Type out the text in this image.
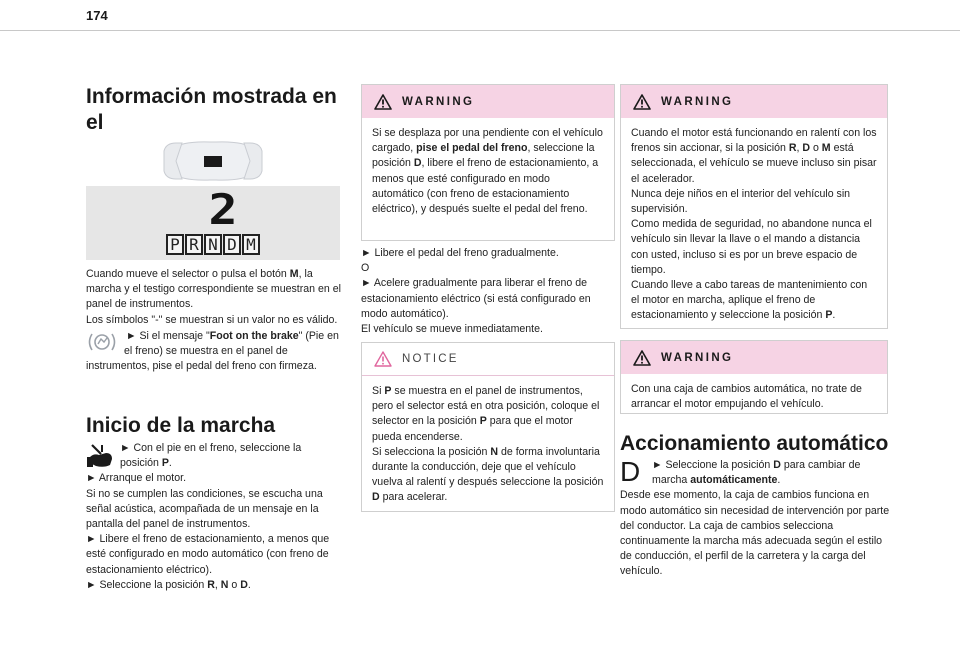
174
Información mostrada en el
2
P R N D M
Cuando mueve el selector o pulsa el botón M, la marcha y el testigo correspondiente se muestran en el panel de instrumentos.
Los símbolos "-" se muestran si un valor no es válido.
► Si el mensaje "Foot on the brake" (Pie en el freno) se muestra en el panel de instrumentos, pise el pedal del freno con firmeza.
Inicio de la marcha
► Con el pie en el freno, seleccione la posición P.
► Arranque el motor.
Si no se cumplen las condiciones, se escucha una señal acústica, acompañada de un mensaje en la pantalla del panel de instrumentos.
► Libere el freno de estacionamiento, a menos que esté configurado en modo automático (con freno de estacionamiento eléctrico).
► Seleccione la posición R, N o D.
WARNING
Si se desplaza por una pendiente con el vehículo cargado, pise el pedal del freno, seleccione la posición D, libere el freno de estacionamiento, a menos que esté configurado en modo automático (con freno de estacionamiento eléctrico), y después suelte el pedal del freno.
► Libere el pedal del freno gradualmente.
O
► Acelere gradualmente para liberar el freno de estacionamiento eléctrico (si está configurado en modo automático).
El vehículo se mueve inmediatamente.
NOTICE
Si P se muestra en el panel de instrumentos, pero el selector está en otra posición, coloque el selector en la posición P para que el motor pueda encenderse.
Si selecciona la posición N de forma involuntaria durante la conducción, deje que el vehículo vuelva al ralentí y después seleccione la posición D para acelerar.
WARNING
Cuando el motor está funcionando en ralentí con los frenos sin accionar, si la posición R, D o M está seleccionada, el vehículo se mueve incluso sin pisar el acelerador.
Nunca deje niños en el interior del vehículo sin supervisión.
Como medida de seguridad, no abandone nunca el vehículo sin llevar la llave o el mando a distancia con usted, incluso si es por un breve espacio de tiempo.
Cuando lleve a cabo tareas de mantenimiento con el motor en marcha, aplique el freno de estacionamiento y seleccione la posición P.
WARNING
Con una caja de cambios automática, no trate de arrancar el motor empujando el vehículo.
Accionamiento automático
D ► Seleccione la posición D para cambiar de marcha automáticamente.
Desde ese momento, la caja de cambios funciona en modo automático sin necesidad de intervención por parte del conductor. La caja de cambios selecciona continuamente la marcha más adecuada según el estilo de conducción, el perfil de la carretera y la carga del vehículo.
